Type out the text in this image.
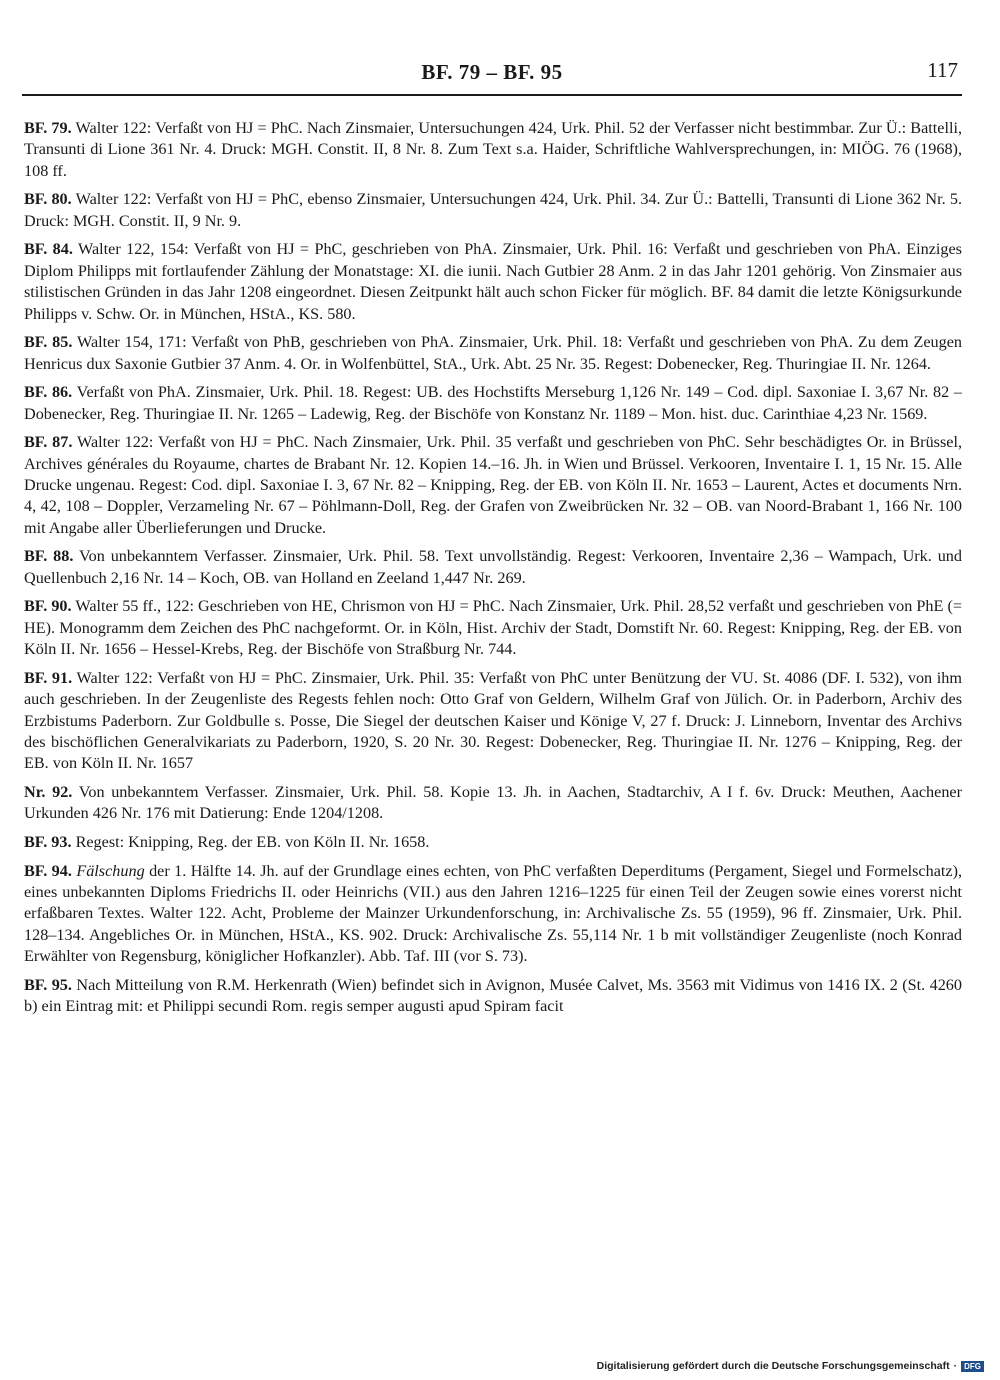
BF. 79 – BF. 95	117

BF. 79. Walter 122: Verfaßt von HJ = PhC. Nach Zinsmaier, Untersuchungen 424, Urk. Phil. 52 der Verfasser nicht bestimmbar. Zur Ü.: Battelli, Transunti di Lione 361 Nr. 4. Druck: MGH. Constit. II, 8 Nr. 8. Zum Text s.a. Haider, Schriftliche Wahlversprechungen, in: MIÖG. 76 (1968), 108 ff.

BF. 80. Walter 122: Verfaßt von HJ = PhC, ebenso Zinsmaier, Untersuchungen 424, Urk. Phil. 34. Zur Ü.: Battelli, Transunti di Lione 362 Nr. 5. Druck: MGH. Constit. II, 9 Nr. 9.

BF. 84. Walter 122, 154: Verfaßt von HJ = PhC, geschrieben von PhA. Zinsmaier, Urk. Phil. 16: Verfaßt und geschrieben von PhA. Einziges Diplom Philipps mit fortlaufender Zählung der Monatstage: XI. die iunii. Nach Gutbier 28 Anm. 2 in das Jahr 1201 gehörig. Von Zinsmaier aus stilistischen Gründen in das Jahr 1208 eingeordnet. Diesen Zeitpunkt hält auch schon Ficker für möglich. BF. 84 damit die letzte Königsurkunde Philipps v. Schw. Or. in München, HStA., KS. 580.

BF. 85. Walter 154, 171: Verfaßt von PhB, geschrieben von PhA. Zinsmaier, Urk. Phil. 18: Verfaßt und geschrieben von PhA. Zu dem Zeugen Henricus dux Saxonie Gutbier 37 Anm. 4. Or. in Wolfenbüttel, StA., Urk. Abt. 25 Nr. 35. Regest: Dobenecker, Reg. Thuringiae II. Nr. 1264.

BF. 86. Verfaßt von PhA. Zinsmaier, Urk. Phil. 18. Regest: UB. des Hochstifts Merseburg 1,126 Nr. 149 – Cod. dipl. Saxoniae I. 3,67 Nr. 82 – Dobenecker, Reg. Thuringiae II. Nr. 1265 – Ladewig, Reg. der Bischöfe von Konstanz Nr. 1189 – Mon. hist. duc. Carinthiae 4,23 Nr. 1569.

BF. 87. Walter 122: Verfaßt von HJ = PhC. Nach Zinsmaier, Urk. Phil. 35 verfaßt und geschrieben von PhC. Sehr beschädigtes Or. in Brüssel, Archives générales du Royaume, chartes de Brabant Nr. 12. Kopien 14.–16. Jh. in Wien und Brüssel. Verkooren, Inventaire I. 1, 15 Nr. 15. Alle Drucke ungenau. Regest: Cod. dipl. Saxoniae I. 3, 67 Nr. 82 – Knipping, Reg. der EB. von Köln II. Nr. 1653 – Laurent, Actes et documents Nrn. 4, 42, 108 – Doppler, Verzameling Nr. 67 – Pöhlmann-Doll, Reg. der Grafen von Zweibrücken Nr. 32 – OB. van Noord-Brabant 1, 166 Nr. 100 mit Angabe aller Überlieferungen und Drucke.

BF. 88. Von unbekanntem Verfasser. Zinsmaier, Urk. Phil. 58. Text unvollständig. Regest: Verkooren, Inventaire 2,36 – Wampach, Urk. und Quellenbuch 2,16 Nr. 14 – Koch, OB. van Holland en Zeeland 1,447 Nr. 269.

BF. 90. Walter 55 ff., 122: Geschrieben von HE, Chrismon von HJ = PhC. Nach Zinsmaier, Urk. Phil. 28,52 verfaßt und geschrieben von PhE (= HE). Monogramm dem Zeichen des PhC nachgeformt. Or. in Köln, Hist. Archiv der Stadt, Domstift Nr. 60. Regest: Knipping, Reg. der EB. von Köln II. Nr. 1656 – Hessel-Krebs, Reg. der Bischöfe von Straßburg Nr. 744.

BF. 91. Walter 122: Verfaßt von HJ = PhC. Zinsmaier, Urk. Phil. 35: Verfaßt von PhC unter Benützung der VU. St. 4086 (DF. I. 532), von ihm auch geschrieben. In der Zeugenliste des Regests fehlen noch: Otto Graf von Geldern, Wilhelm Graf von Jülich. Or. in Paderborn, Archiv des Erzbistums Paderborn. Zur Goldbulle s. Posse, Die Siegel der deutschen Kaiser und Könige V, 27 f. Druck: J. Linneborn, Inventar des Archivs des bischöflichen Generalvikariats zu Paderborn, 1920, S. 20 Nr. 30. Regest: Dobenecker, Reg. Thuringiae II. Nr. 1276 – Knipping, Reg. der EB. von Köln II. Nr. 1657

Nr. 92. Von unbekanntem Verfasser. Zinsmaier, Urk. Phil. 58. Kopie 13. Jh. in Aachen, Stadtarchiv, A I f. 6v. Druck: Meuthen, Aachener Urkunden 426 Nr. 176 mit Datierung: Ende 1204/1208.

BF. 93. Regest: Knipping, Reg. der EB. von Köln II. Nr. 1658.

BF. 94. Fälschung der 1. Hälfte 14. Jh. auf der Grundlage eines echten, von PhC verfaßten Deperditums (Pergament, Siegel und Formelschatz), eines unbekannten Diploms Friedrichs II. oder Heinrichs (VII.) aus den Jahren 1216–1225 für einen Teil der Zeugen sowie eines vorerst nicht erfaßbaren Textes. Walter 122. Acht, Probleme der Mainzer Urkundenforschung, in: Archivalische Zs. 55 (1959), 96 ff. Zinsmaier, Urk. Phil. 128–134. Angebliches Or. in München, HStA., KS. 902. Druck: Archivalische Zs. 55,114 Nr. 1 b mit vollständiger Zeugenliste (noch Konrad Erwählter von Regensburg, königlicher Hofkanzler). Abb. Taf. III (vor S. 73).

BF. 95. Nach Mitteilung von R.M. Herkenrath (Wien) befindet sich in Avignon, Musée Calvet, Ms. 3563 mit Vidimus von 1416 IX. 2 (St. 4260 b) ein Eintrag mit: et Philippi secundi Rom. regis semper augusti apud Spiram facit

Digitalisierung gefördert durch die Deutsche Forschungsgemeinschaft · DFG
